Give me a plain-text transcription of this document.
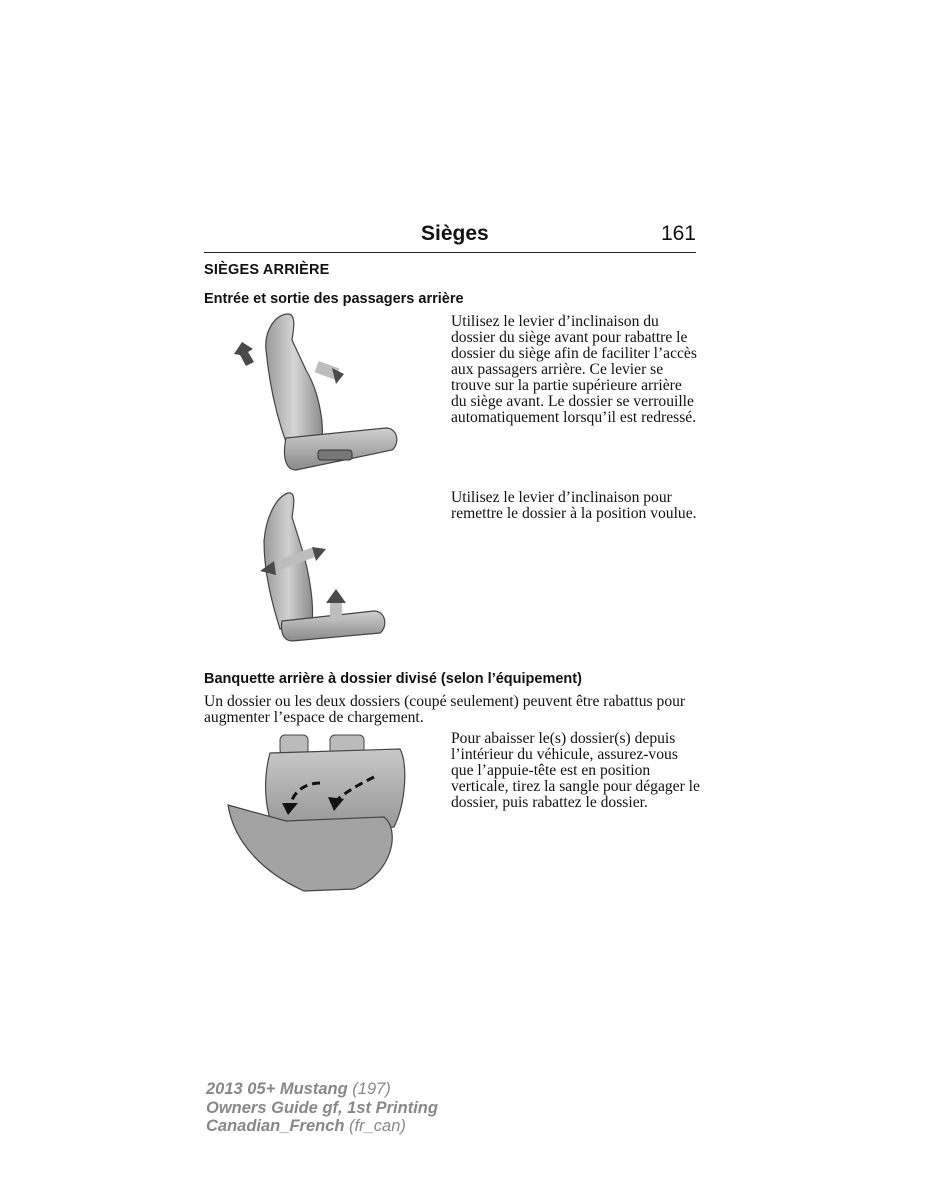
Sièges	161
SIÈGES ARRIÈRE
Entrée et sortie des passagers arrière
Utilisez le levier d’inclinaison du dossier du siège avant pour rabattre le dossier du siège afin de faciliter l’accès aux passagers arrière. Ce levier se trouve sur la partie supérieure arrière du siège avant. Le dossier se verrouille automatiquement lorsqu’il est redressé.
Utilisez le levier d’inclinaison pour remettre le dossier à la position voulue.
Banquette arrière à dossier divisé (selon l’équipement)
Un dossier ou les deux dossiers (coupé seulement) peuvent être rabattus pour augmenter l’espace de chargement.
Pour abaisser le(s) dossier(s) depuis l’intérieur du véhicule, assurez-vous que l’appuie-tête est en position verticale, tirez la sangle pour dégager le dossier, puis rabattez le dossier.
2013 05+ Mustang (197)
Owners Guide gf, 1st Printing
Canadian_French (fr_can)
